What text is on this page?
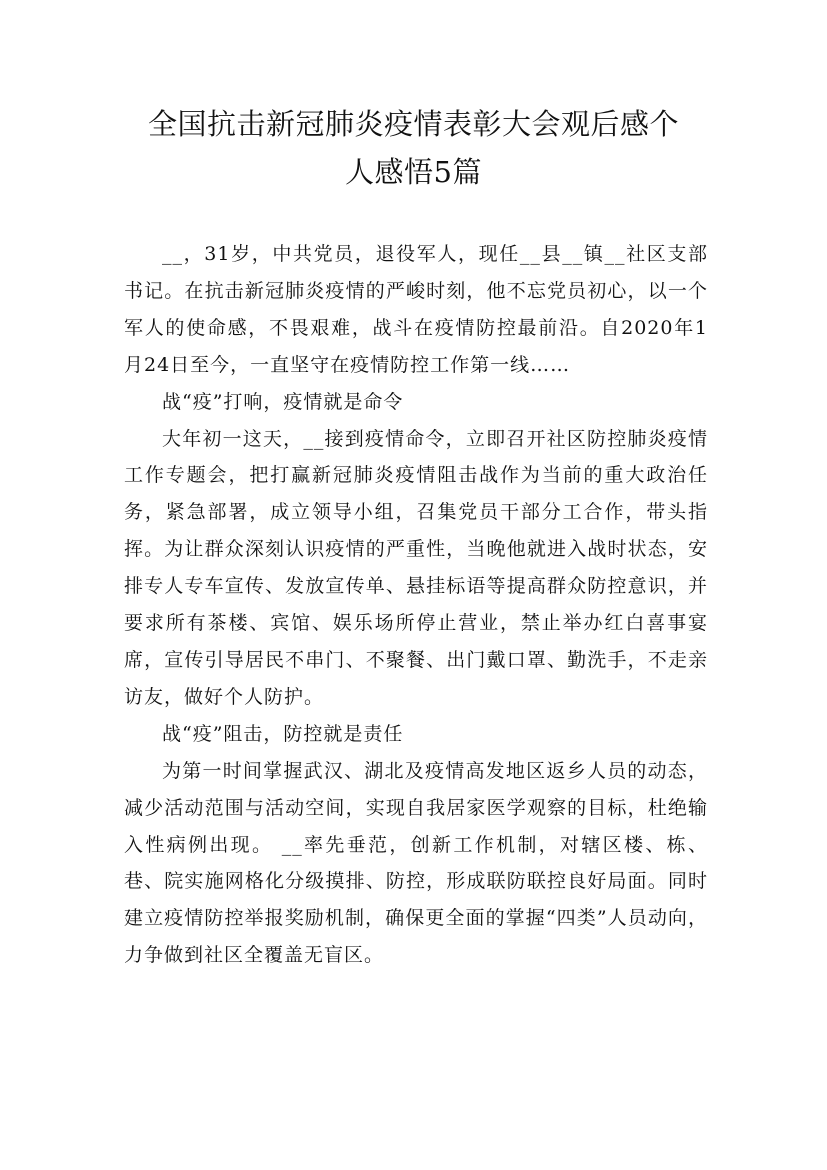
全国抗击新冠肺炎疫情表彰大会观后感个
人感悟5篇

__，31岁，中共党员，退役军人，现任__县__镇__社区支部书记。在抗击新冠肺炎疫情的严峻时刻，他不忘党员初心，以一个军人的使命感，不畏艰难，战斗在疫情防控最前沿。自2020年1月24日至今，一直坚守在疫情防控工作第一线……

战“疫”打响，疫情就是命令

大年初一这天，__接到疫情命令，立即召开社区防控肺炎疫情工作专题会，把打赢新冠肺炎疫情阻击战作为当前的重大政治任务，紧急部署，成立领导小组，召集党员干部分工合作，带头指挥。为让群众深刻认识疫情的严重性，当晚他就进入战时状态，安排专人专车宣传、发放宣传单、悬挂标语等提高群众防控意识，并要求所有茶楼、宾馆、娱乐场所停止营业，禁止举办红白喜事宴席，宣传引导居民不串门、不聚餐、出门戴口罩、勤洗手，不走亲访友，做好个人防护。

战“疫”阻击，防控就是责任

为第一时间掌握武汉、湖北及疫情高发地区返乡人员的动态，减少活动范围与活动空间，实现自我居家医学观察的目标，杜绝输入性病例出现。 __率先垂范，创新工作机制，对辖区楼、栋、巷、院实施网格化分级摸排、防控，形成联防联控良好局面。同时建立疫情防控举报奖励机制，确保更全面的掌握“四类”人员动向，力争做到社区全覆盖无盲区。
